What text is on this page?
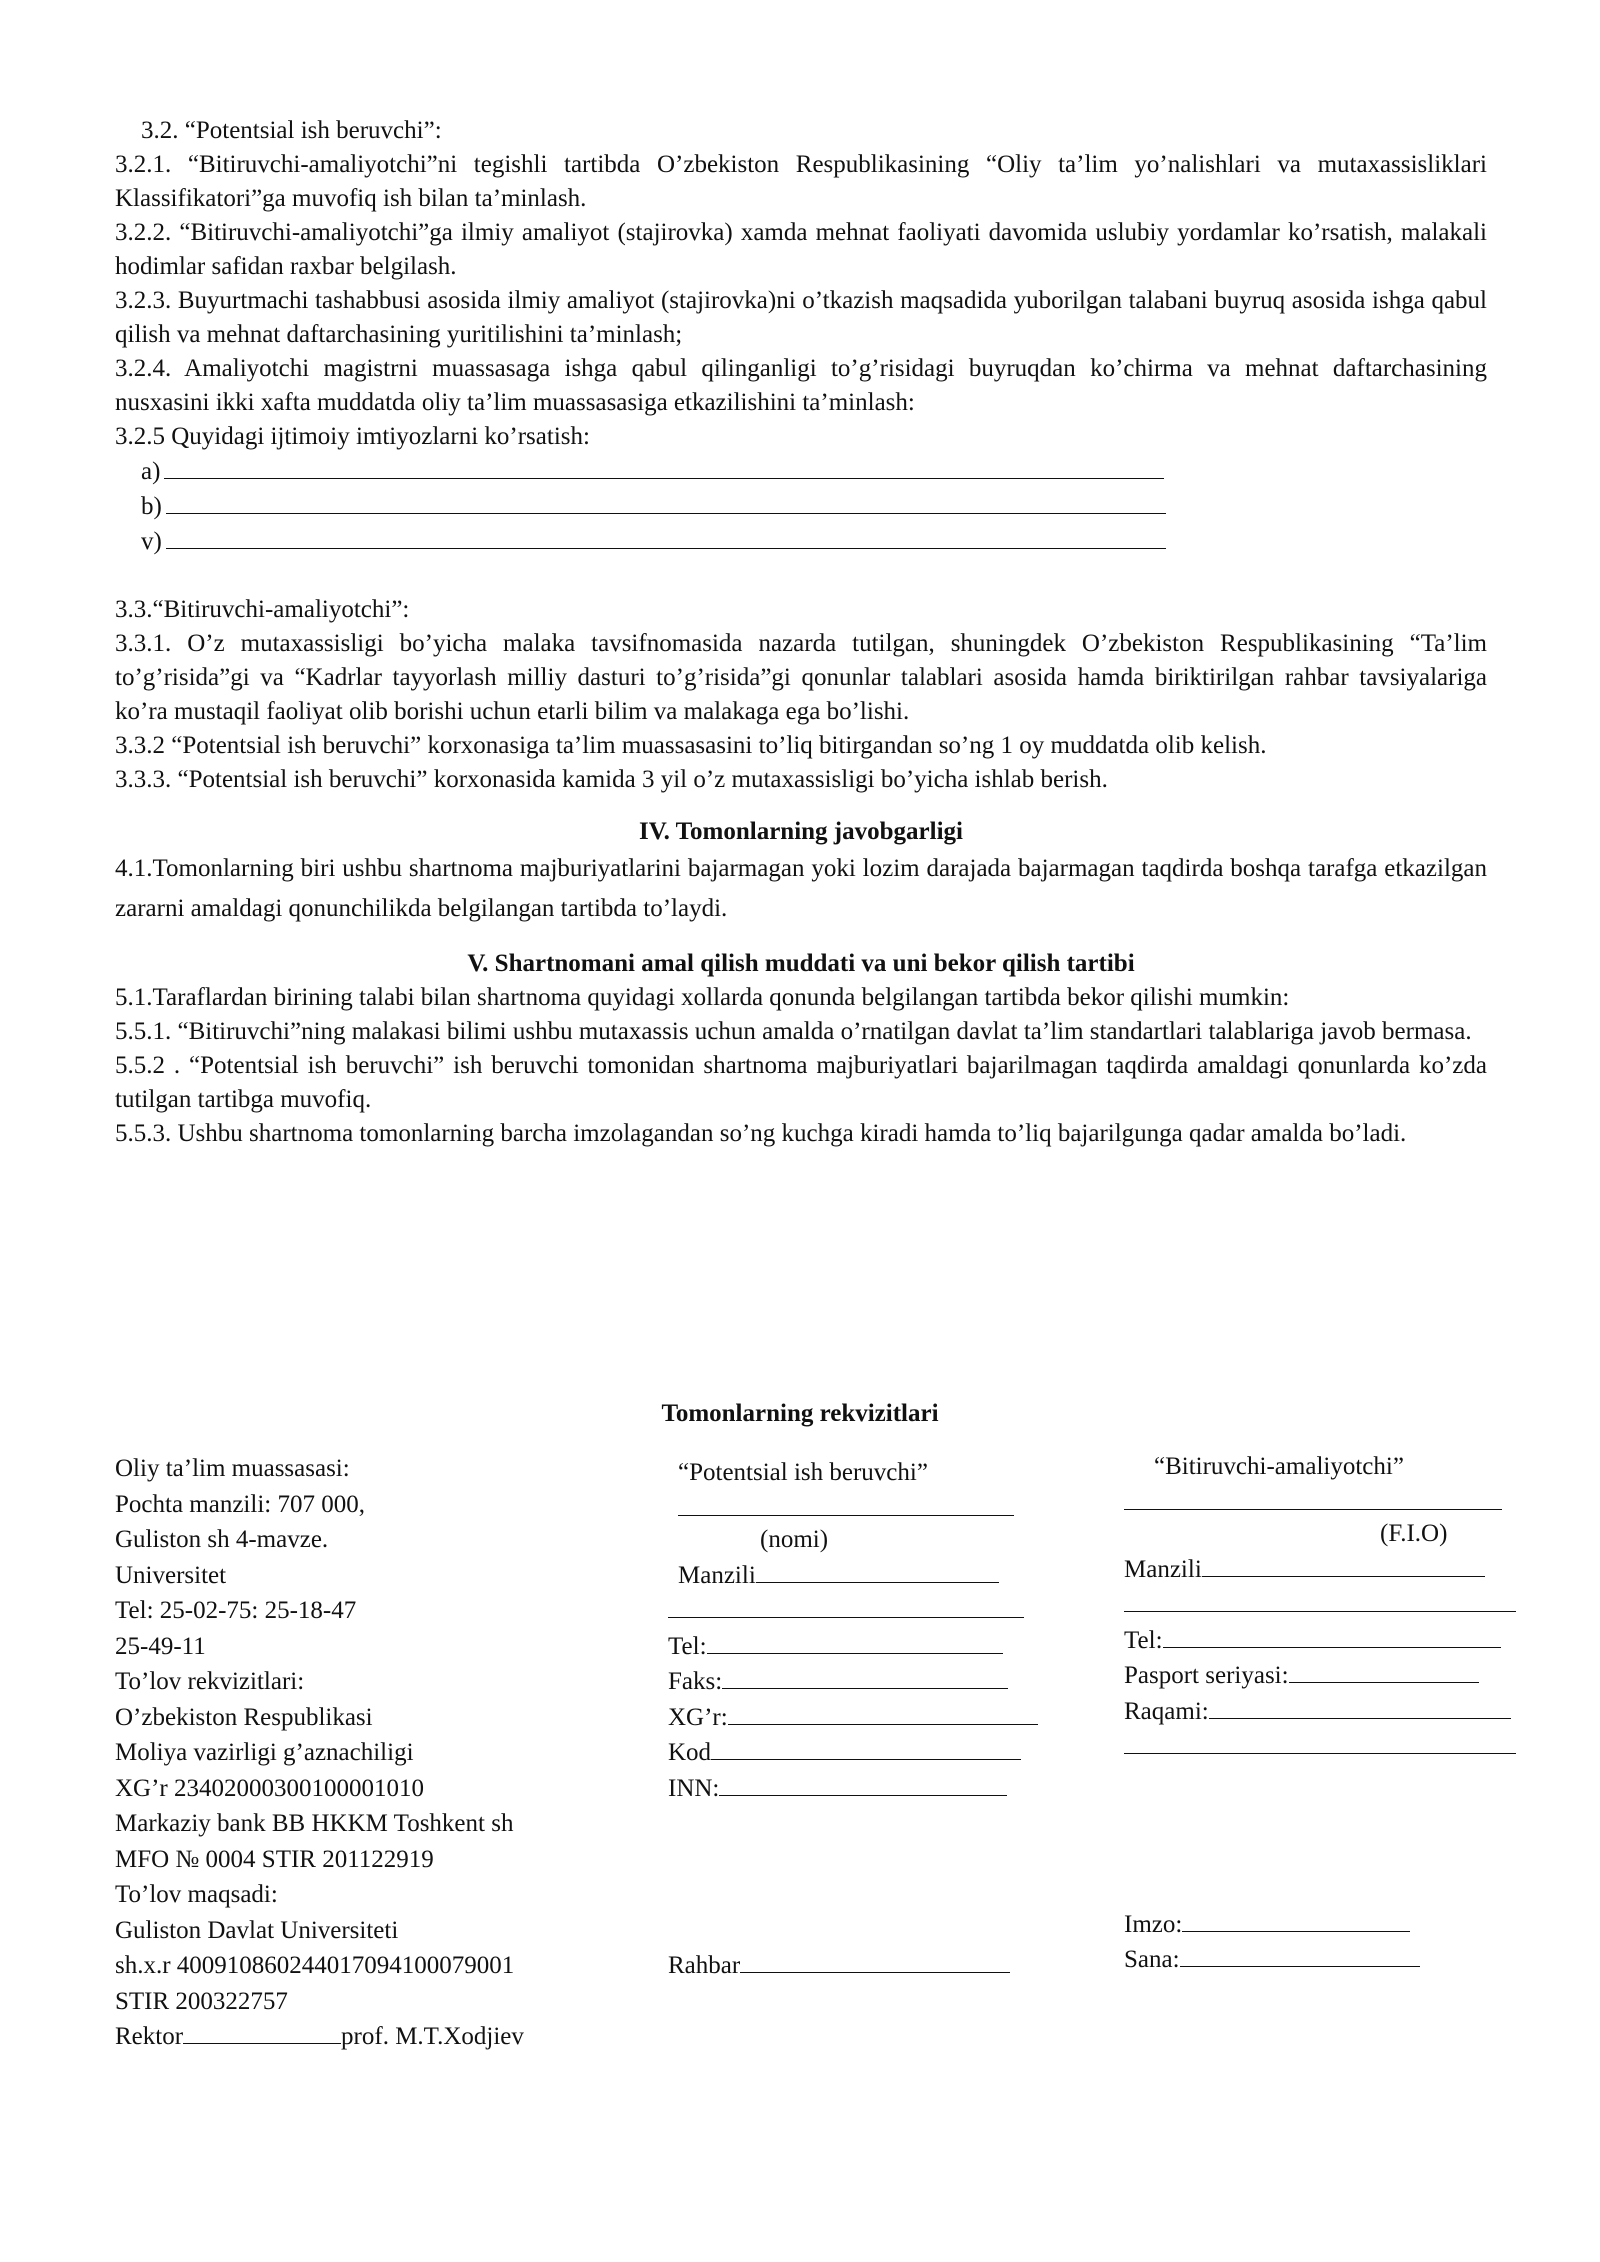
3.2. “Potentsial ish beruvchi”:

3.2.1. “Bitiruvchi-amaliyotchi”ni tegishli tartibda O’zbekiston Respublikasining “Oliy ta’lim yo’nalishlari va mutaxassisliklari Klassifikatori”ga muvofiq ish bilan ta’minlash.

3.2.2. “Bitiruvchi-amaliyotchi”ga ilmiy amaliyot (stajirovka) xamda mehnat faoliyati davomida uslubiy yordamlar ko’rsatish, malakali hodimlar safidan raxbar belgilash.

3.2.3. Buyurtmachi tashabbusi asosida ilmiy amaliyot (stajirovka)ni o’tkazish maqsadida yuborilgan talabani buyruq asosida ishga qabul qilish va mehnat daftarchasining yuritilishini ta’minlash;

3.2.4. Amaliyotchi magistrni muassasaga ishga qabul qilinganligi to’g’risidagi buyruqdan ko’chirma va mehnat daftarchasining nusxasini ikki xafta muddatda oliy ta’lim muassasasiga etkazilishini ta’minlash:

3.2.5 Quyidagi ijtimoiy imtiyozlarni ko’rsatish:

a)

b)

v)

3.3.“Bitiruvchi-amaliyotchi”:

3.3.1. O’z mutaxassisligi bo’yicha malaka tavsifnomasida nazarda tutilgan, shuningdek O’zbekiston Respublikasining “Ta’lim to’g’risida”gi va “Kadrlar tayyorlash milliy dasturi to’g’risida”gi qonunlar talablari asosida hamda biriktirilgan rahbar tavsiyalariga ko’ra mustaqil faoliyat olib borishi uchun etarli bilim va malakaga ega bo’lishi.

3.3.2 “Potentsial ish beruvchi” korxonasiga ta’lim muassasasini to’liq bitirgandan so’ng 1 oy muddatda olib kelish.

3.3.3. “Potentsial ish beruvchi” korxonasida kamida 3 yil o’z mutaxassisligi bo’yicha ishlab berish.

IV. Tomonlarning javobgarligi

4.1.Tomonlarning biri ushbu shartnoma majburiyatlarini bajarmagan yoki lozim darajada bajarmagan taqdirda boshqa tarafga etkazilgan zararni amaldagi qonunchilikda belgilangan tartibda to’laydi.

V. Shartnomani amal qilish muddati va uni bekor qilish tartibi

5.1.Taraflardan birining talabi bilan shartnoma quyidagi xollarda qonunda belgilangan tartibda bekor qilishi mumkin:

5.5.1. “Bitiruvchi”ning malakasi bilimi ushbu mutaxassis uchun amalda o’rnatilgan davlat ta’lim standartlari talablariga javob bermasa.

5.5.2 . “Potentsial ish beruvchi” ish beruvchi tomonidan shartnoma majburiyatlari bajarilmagan taqdirda amaldagi qonunlarda ko’zda tutilgan tartibga muvofiq.

5.5.3. Ushbu shartnoma tomonlarning barcha imzolagandan so’ng kuchga kiradi hamda to’liq bajarilgunga qadar amalda bo’ladi.

Tomonlarning rekvizitlari
Oliy ta’lim muassasasi:
Pochta manzili: 707 000,
Guliston sh 4-mavze.
Universitet
Tel: 25-02-75: 25-18-47
25-49-11
To’lov rekvizitlari:
O’zbekiston Respublikasi
Moliya vazirligi g’aznachiligi
XG’r 23402000300100001010
Markaziy bank BB HKKM Toshkent sh
MFO № 0004 STIR 201122919
To’lov maqsadi:
Guliston Davlat Universiteti
sh.x.r 400910860244017094100079001
STIR 200322757
Rektor	prof. M.T.Xodjiev
“Potentsial ish beruvchi”
(nomi)
Manzili
Tel:
Faks:
XG’r:
Kod
INN:
Rahbar
“Bitiruvchi-amaliyotchi”
(F.I.O)
Manzili
Tel:
Pasport seriyasi:
Raqami:
Imzo:
Sana:
